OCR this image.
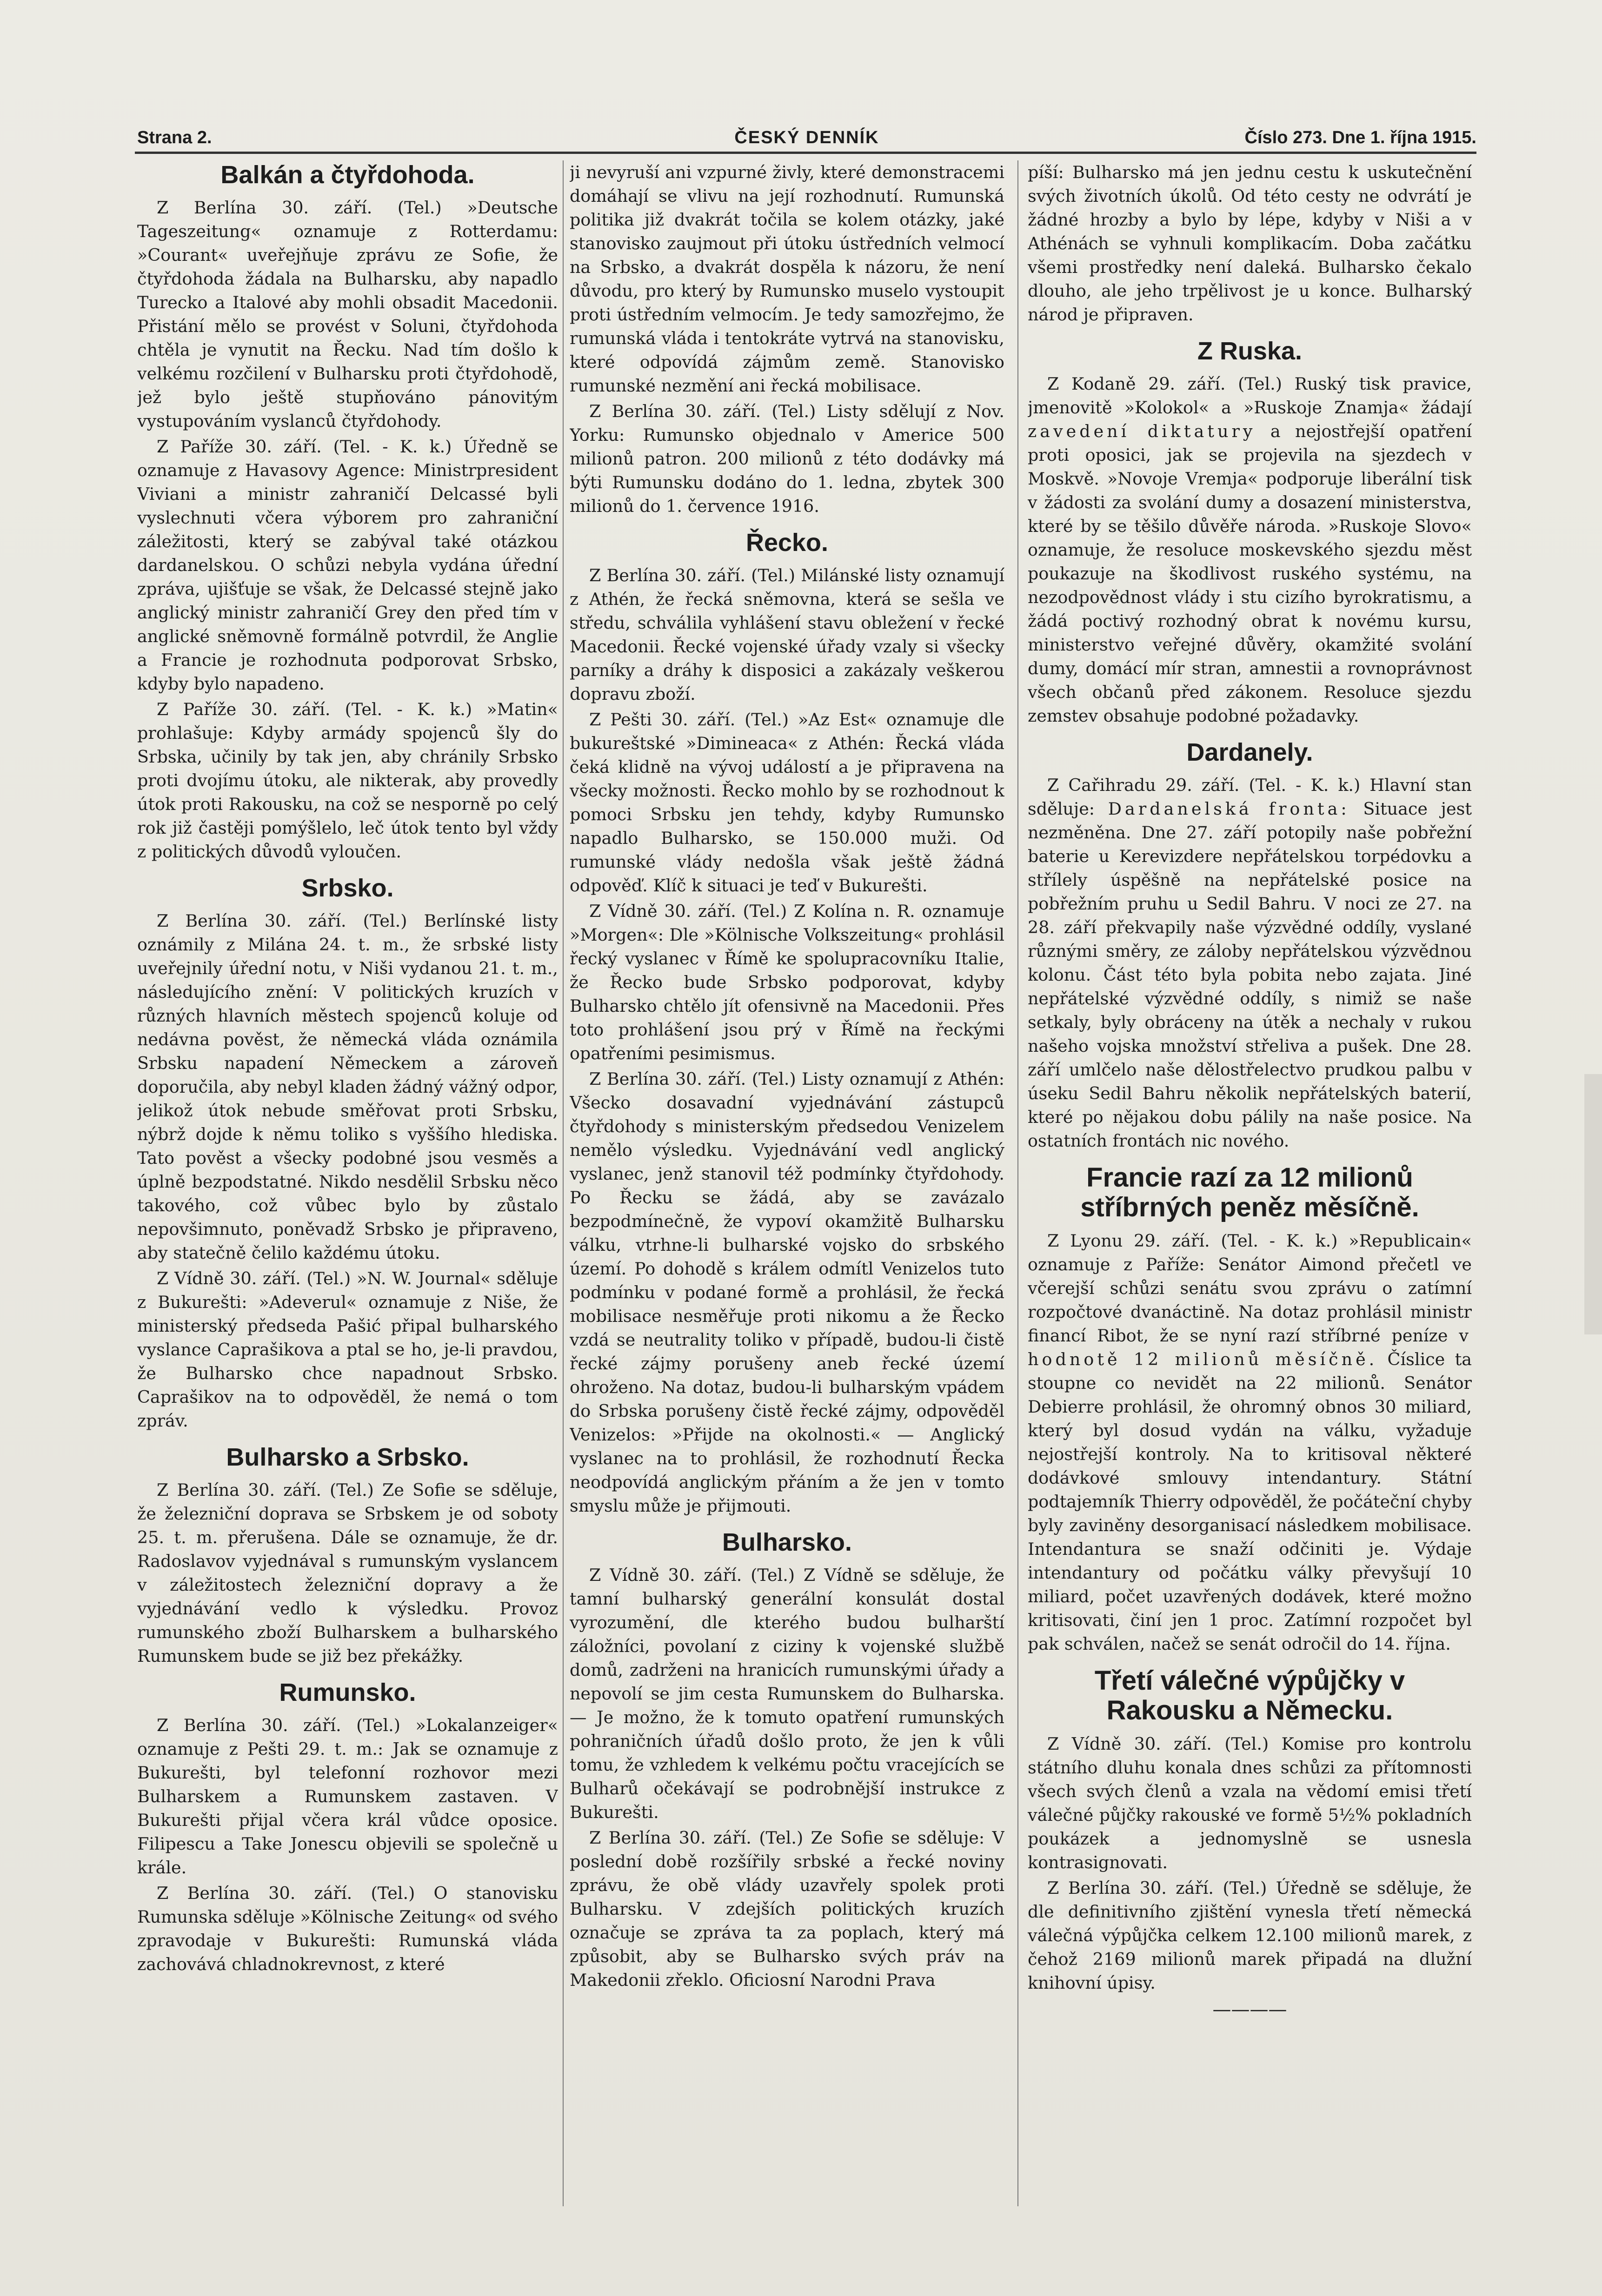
Strana 2.	ČESKÝ DENNÍK	Číslo 273. Dne 1. října 1915.
Balkán a čtyřdohoda.

Z Berlína 30. září. (Tel.) »Deutsche Tageszeitung« oznamuje z Rotterdamu: »Courant« uveřejňuje zprávu ze Sofie, že čtyřdohoda žádala na Bulharsku, aby napadlo Turecko a Italové aby mohli obsadit Macedonii. Přistání mělo se provést v Soluni, čtyřdohoda chtěla je vynutit na Řecku. Nad tím došlo k velkému rozčilení v Bulharsku proti čtyřdohodě, jež bylo ještě stupňováno pánovitým vystupováním vyslanců čtyřdohody.

Z Paříže 30. září. (Tel. - K. k.) Úředně se oznamuje z Havasovy Agence: Ministrpresident Viviani a ministr zahraničí Delcassé byli vyslechnuti včera výborem pro zahraniční záležitosti, který se zabýval také otázkou dardanelskou. O schůzi nebyla vydána úřední zpráva, ujišťuje se však, že Delcassé stejně jako anglický ministr zahraničí Grey den před tím v anglické sněmovně formálně potvrdil, že Anglie a Francie je rozhodnuta podporovat Srbsko, kdyby bylo napadeno.

Z Paříže 30. září. (Tel. - K. k.) »Matin« prohlašuje: Kdyby armády spojenců šly do Srbska, učinily by tak jen, aby chránily Srbsko proti dvojímu útoku, ale nikterak, aby provedly útok proti Rakousku, na což se nesporně po celý rok již častěji pomýšlelo, leč útok tento byl vždy z politických důvodů vyloučen.

Srbsko.

Z Berlína 30. září. (Tel.) Berlínské listy oznámily z Milána 24. t. m., že srbské listy uveřejnily úřední notu, v Niši vydanou 21. t. m., následujícího znění: V politických kruzích v různých hlavních městech spojenců koluje od nedávna pověst, že německá vláda oznámila Srbsku napadení Německem a zároveň doporučila, aby nebyl kladen žádný vážný odpor, jelikož útok nebude směřovat proti Srbsku, nýbrž dojde k němu toliko s vyššího hlediska. Tato pověst a všecky podobné jsou vesměs a úplně bezpodstatné. Nikdo nesdělil Srbsku něco takového, což vůbec bylo by zůstalo nepovšimnuto, poněvadž Srbsko je připraveno, aby statečně čelilo každému útoku.

Z Vídně 30. září. (Tel.) »N. W. Journal« sděluje z Bukurešti: »Adeverul« oznamuje z Niše, že ministerský předseda Pašić připal bulharského vyslance Caprašikova a ptal se ho, je-li pravdou, že Bulharsko chce napadnout Srbsko. Caprašikov na to odpověděl, že nemá o tom zpráv.

Bulharsko a Srbsko.

Z Berlína 30. září. (Tel.) Ze Sofie se sděluje, že železniční doprava se Srbskem je od soboty 25. t. m. přerušena. Dále se oznamuje, že dr. Radoslavov vyjednával s rumunským vyslancem v záležitostech železniční dopravy a že vyjednávání vedlo k výsledku. Provoz rumunského zboží Bulharskem a bulharského Rumunskem bude se již bez překážky.

Rumunsko.

Z Berlína 30. září. (Tel.) »Lokalanzeiger« oznamuje z Pešti 29. t. m.: Jak se oznamuje z Bukurešti, byl telefonní rozhovor mezi Bulharskem a Rumunskem zastaven. V Bukurešti přijal včera král vůdce oposice. Filipescu a Take Jonescu objevili se společně u krále.

Z Berlína 30. září. (Tel.) O stanovisku Rumunska sděluje »Kölnische Zeitung« od svého zpravodaje v Bukurešti: Rumunská vláda zachovává chladnokrevnost, z které

ji nevyruší ani vzpurné živly, které demonstracemi domáhají se vlivu na její rozhodnutí. Rumunská politika již dvakrát točila se kolem otázky, jaké stanovisko zaujmout při útoku ústředních velmocí na Srbsko, a dvakrát dospěla k názoru, že není důvodu, pro který by Rumunsko muselo vystoupit proti ústředním velmocím. Je tedy samozřejmo, že rumunská vláda i tentokráte vytrvá na stanovisku, které odpovídá zájmům země. Stanovisko rumunské nezmění ani řecká mobilisace.

Z Berlína 30. září. (Tel.) Listy sdělují z Nov. Yorku: Rumunsko objednalo v Americe 500 milionů patron. 200 milionů z této dodávky má býti Rumunsku dodáno do 1. ledna, zbytek 300 milionů do 1. července 1916.

Řecko.

Z Berlína 30. září. (Tel.) Milánské listy oznamují z Athén, že řecká sněmovna, která se sešla ve středu, schválila vyhlášení stavu obležení v řecké Macedonii. Řecké vojenské úřady vzaly si všecky parníky a dráhy k disposici a zakázaly veškerou dopravu zboží.

Z Pešti 30. září. (Tel.) »Az Est« oznamuje dle bukureštské »Dimineaca« z Athén: Řecká vláda čeká klidně na vývoj událostí a je připravena na všecky možnosti. Řecko mohlo by se rozhodnout k pomoci Srbsku jen tehdy, kdyby Rumunsko napadlo Bulharsko, se 150.000 muži. Od rumunské vlády nedošla však ještě žádná odpověď. Klíč k situaci je teď v Bukurešti.

Z Vídně 30. září. (Tel.) Z Kolína n. R. oznamuje »Morgen«: Dle »Kölnische Volkszeitung« prohlásil řecký vyslanec v Římě ke spolupracovníku Italie, že Řecko bude Srbsko podporovat, kdyby Bulharsko chtělo jít ofensivně na Macedonii. Přes toto prohlášení jsou prý v Římě na řeckými opatřeními pesimismus.

Z Berlína 30. září. (Tel.) Listy oznamují z Athén: Všecko dosavadní vyjednávání zástupců čtyřdohody s ministerským předsedou Venizelem nemělo výsledku. Vyjednávání vedl anglický vyslanec, jenž stanovil též podmínky čtyřdohody. Po Řecku se žádá, aby se zavázalo bezpodmínečně, že vypoví okamžitě Bulharsku válku, vtrhne-li bulharské vojsko do srbského území. Po dohodě s králem odmítl Venizelos tuto podmínku v podané formě a prohlásil, že řecká mobilisace nesměřuje proti nikomu a že Řecko vzdá se neutrality toliko v případě, budou-li čistě řecké zájmy porušeny aneb řecké území ohroženo. Na dotaz, budou-li bulharským vpádem do Srbska porušeny čistě řecké zájmy, odpověděl Venizelos: »Přijde na okolnosti.« — Anglický vyslanec na to prohlásil, že rozhodnutí Řecka neodpovídá anglickým přáním a že jen v tomto smyslu může je přijmouti.

Bulharsko.

Z Vídně 30. září. (Tel.) Z Vídně se sděluje, že tamní bulharský generální konsulát dostal vyrozumění, dle kterého budou bulharští záložníci, povolaní z ciziny k vojenské službě domů, zadrženi na hranicích rumunskými úřady a nepovolí se jim cesta Rumunskem do Bulharska. — Je možno, že k tomuto opatření rumunských pohraničních úřadů došlo proto, že jen k vůli tomu, že vzhledem k velkému počtu vracejících se Bulharů očekávají se podrobnější instrukce z Bukurešti.

Z Berlína 30. září. (Tel.) Ze Sofie se sděluje: V poslední době rozšířily srbské a řecké noviny zprávu, že obě vlády uzavřely spolek proti Bulharsku. V zdejších politických kruzích označuje se zpráva ta za poplach, který má způsobit, aby se Bulharsko svých práv na Makedonii zřeklo. Oficiosní Narodni Prava

píší: Bulharsko má jen jednu cestu k uskutečnění svých životních úkolů. Od této cesty ne odvrátí je žádné hrozby a bylo by lépe, kdyby v Niši a v Athénách se vyhnuli komplikacím. Doba začátku všemi prostředky není daleká. Bulharsko čekalo dlouho, ale jeho trpělivost je u konce. Bulharský národ je připraven.

Z Ruska.

Z Kodaně 29. září. (Tel.) Ruský tisk pravice, jmenovitě »Kolokol« a »Ruskoje Znamja« žádají zavedení diktatury a nejostřejší opatření proti oposici, jak se projevila na sjezdech v Moskvě. »Novoje Vremja« podporuje liberální tisk v žádosti za svolání dumy a dosazení ministerstva, které by se těšilo důvěře národa. »Ruskoje Slovo« oznamuje, že resoluce moskevského sjezdu měst poukazuje na škodlivost ruského systému, na nezodpovědnost vlády i stu cizího byrokratismu, a žádá poctivý rozhodný obrat k novému kursu, ministerstvo veřejné důvěry, okamžité svolání dumy, domácí mír stran, amnestii a rovnoprávnost všech občanů před zákonem. Resoluce sjezdu zemstev obsahuje podobné požadavky.

Dardanely.

Z Cařihradu 29. září. (Tel. - K. k.) Hlavní stan sděluje: Dardanelská fronta: Situace jest nezměněna. Dne 27. září potopily naše pobřežní baterie u Kerevizdere nepřátelskou torpédovku a střílely úspěšně na nepřátelské posice na pobřežním pruhu u Sedil Bahru. V noci ze 27. na 28. září překvapily naše výzvědné oddíly, vyslané různými směry, ze záloby nepřátelskou výzvědnou kolonu. Část této byla pobita nebo zajata. Jiné nepřátelské výzvědné oddíly, s nimiž se naše setkaly, byly obráceny na útěk a nechaly v rukou našeho vojska množství střeliva a pušek. Dne 28. září umlčelo naše dělostřelectvo prudkou palbu v úseku Sedil Bahru několik nepřátelských baterií, které po nějakou dobu pálily na naše posice. Na ostatních frontách nic nového.

Francie razí za 12 milionů stříbrných peněz měsíčně.

Z Lyonu 29. září. (Tel. - K. k.) »Republicain« oznamuje z Paříže: Senátor Aimond přečetl ve včerejší schůzi senátu svou zprávu o zatímní rozpočtové dvanáctině. Na dotaz prohlásil ministr financí Ribot, že se nyní razí stříbrné peníze v hodnotě 12 milionů měsíčně. Číslice ta stoupne co nevidět na 22 milionů. Senátor Debierre prohlásil, že ohromný obnos 30 miliard, který byl dosud vydán na válku, vyžaduje nejostřejší kontroly. Na to kritisoval některé dodávkové smlouvy intendantury. Státní podtajemník Thierry odpověděl, že počáteční chyby byly zaviněny desorganisací následkem mobilisace. Intendantura se snaží odčiniti je. Výdaje intendantury od počátku války převyšují 10 miliard, počet uzavřených dodávek, které možno kritisovati, činí jen 1 proc. Zatímní rozpočet byl pak schválen, načež se senát odročil do 14. října.

Třetí válečné výpůjčky v Rakousku a Německu.

Z Vídně 30. září. (Tel.) Komise pro kontrolu státního dluhu konala dnes schůzi za přítomnosti všech svých členů a vzala na vědomí emisi třetí válečné půjčky rakouské ve formě 5½% pokladních poukázek a jednomyslně se usnesla kontrasignovati.

Z Berlína 30. září. (Tel.) Úředně se sděluje, že dle definitivního zjištění vynesla třetí německá válečná výpůjčka celkem 12.100 milionů marek, z čehož 2169 milionů marek připadá na dlužní knihovní úpisy.

————
